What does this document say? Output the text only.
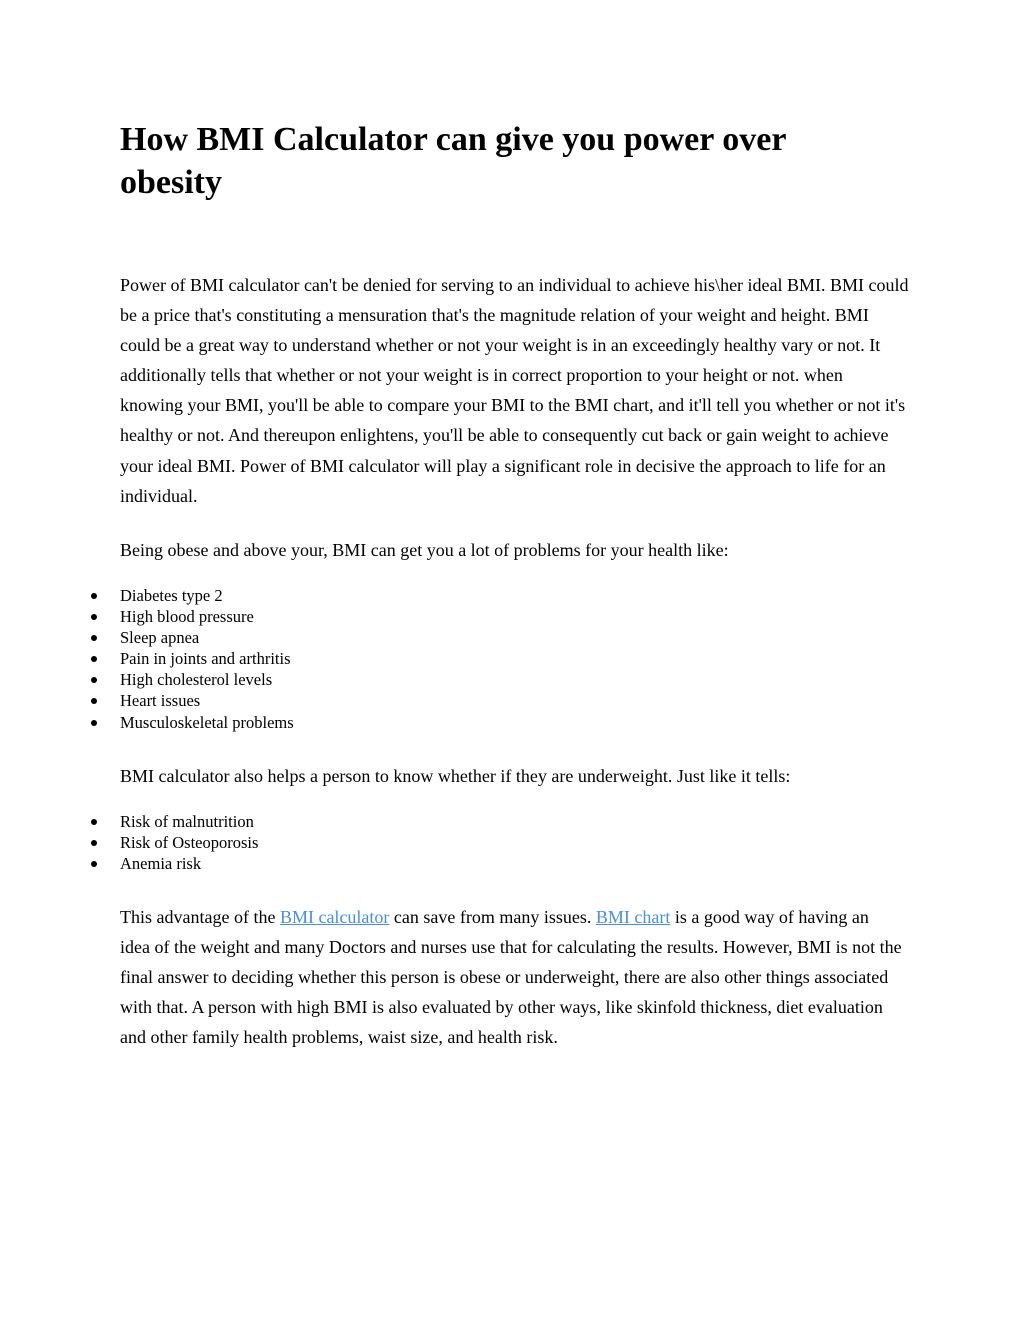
How BMI Calculator can give you power over obesity

Power of BMI calculator can't be denied for serving to an individual to achieve his\her ideal BMI. BMI could be a price that's constituting a mensuration that's the magnitude relation of your weight and height. BMI could be a great way to understand whether or not your weight is in an exceedingly healthy vary or not. It additionally tells that whether or not your weight is in correct proportion to your height or not. when knowing your BMI, you'll be able to compare your BMI to the BMI chart, and it'll tell you whether or not it's healthy or not. And thereupon enlightens, you'll be able to consequently cut back or gain weight to achieve your ideal BMI. Power of BMI calculator will play a significant role in decisive the approach to life for an individual.

Being obese and above your, BMI can get you a lot of problems for your health like:

Diabetes type 2
High blood pressure
Sleep apnea
Pain in joints and arthritis
High cholesterol levels
Heart issues
Musculoskeletal problems

BMI calculator also helps a person to know whether if they are underweight. Just like it tells:

Risk of malnutrition
Risk of Osteoporosis
Anemia risk

This advantage of the BMI calculator can save from many issues. BMI chart is a good way of having an idea of the weight and many Doctors and nurses use that for calculating the results. However, BMI is not the final answer to deciding whether this person is obese or underweight, there are also other things associated with that. A person with high BMI is also evaluated by other ways, like skinfold thickness, diet evaluation and other family health problems, waist size, and health risk.
